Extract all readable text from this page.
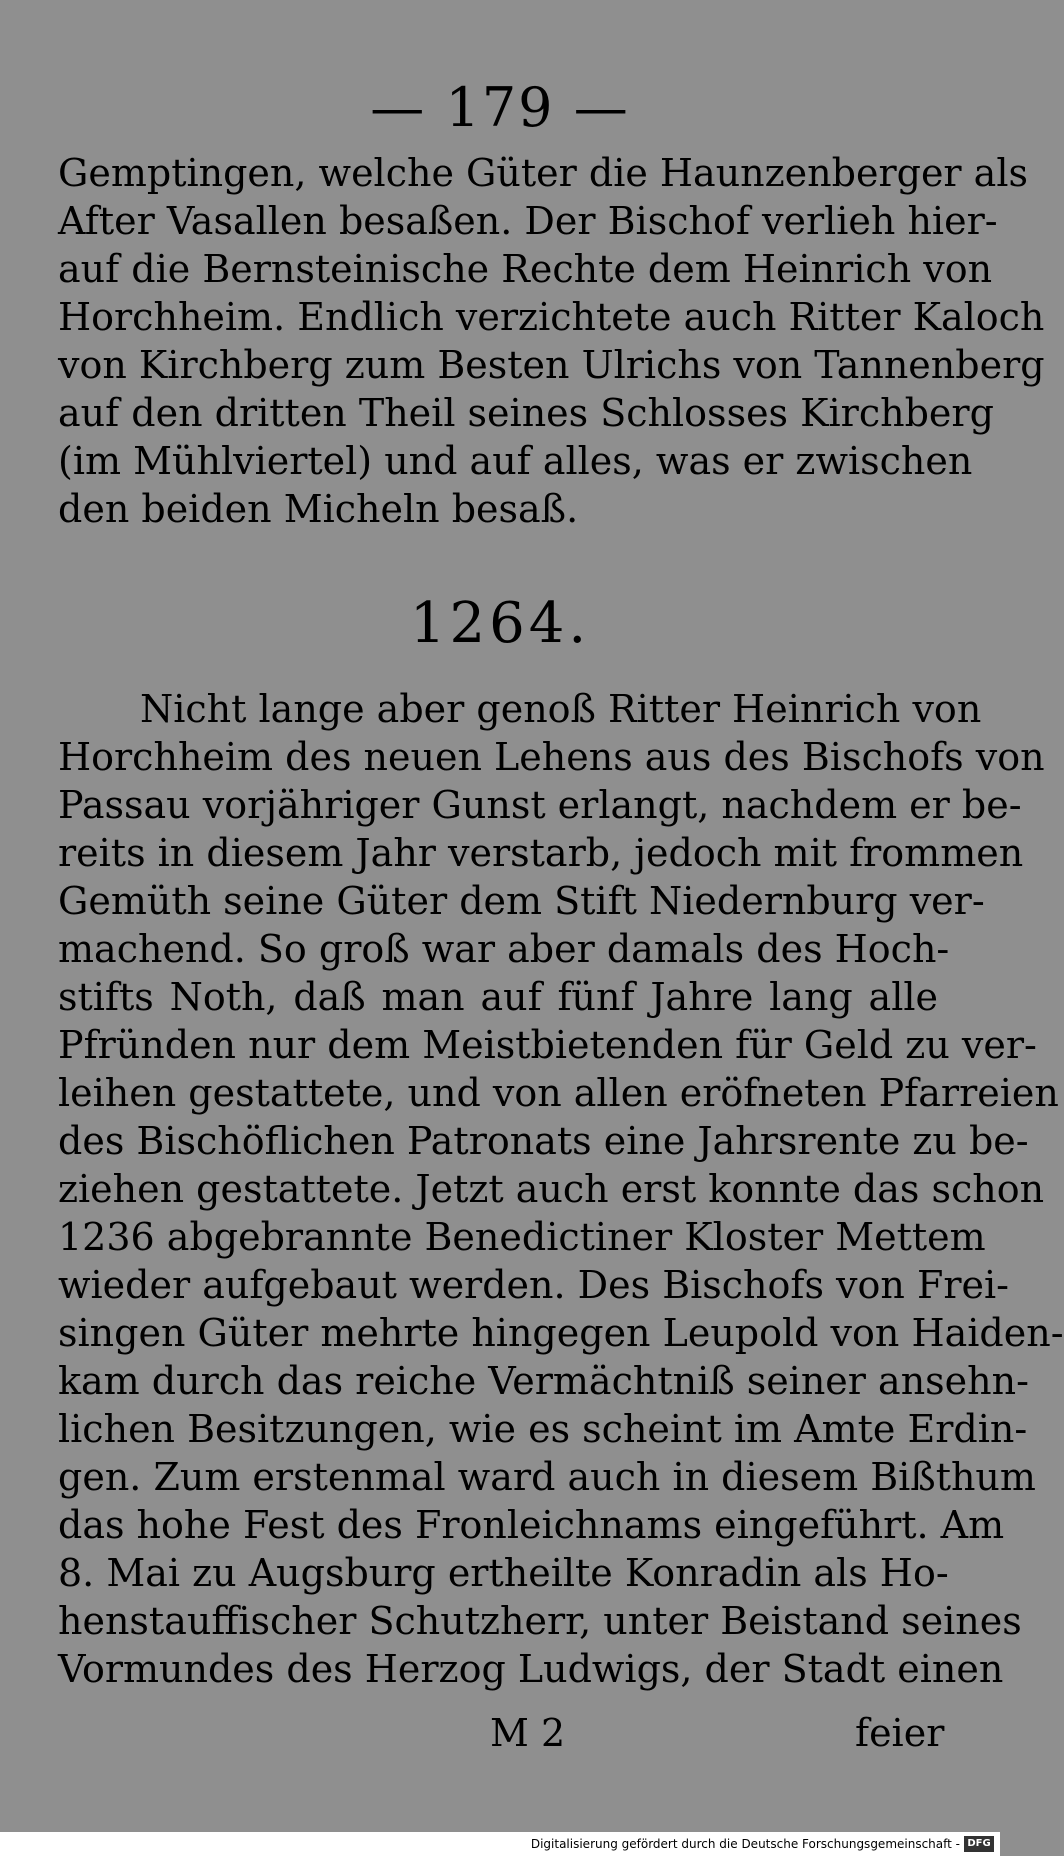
— 179 —
Gemptingen, welche Güter die Haunzenberger als
After Vasallen besaßen. Der Bischof verlieh hier-
auf die Bernsteinische Rechte dem Heinrich von
Horchheim. Endlich verzichtete auch Ritter Kaloch
von Kirchberg zum Besten Ulrichs von Tannenberg
auf den dritten Theil seines Schlosses Kirchberg
(im Mühlviertel) und auf alles, was er zwischen
den beiden Micheln besaß.
1264.
Nicht lange aber genoß Ritter Heinrich von
Horchheim des neuen Lehens aus des Bischofs von
Passau vorjähriger Gunst erlangt, nachdem er be-
reits in diesem Jahr verstarb, jedoch mit frommen
Gemüth seine Güter dem Stift Niedernburg ver-
machend. So groß war aber damals des Hoch-
stifts Noth, daß man auf fünf Jahre lang alle
Pfründen nur dem Meistbietenden für Geld zu ver-
leihen gestattete, und von allen eröfneten Pfarreien
des Bischöflichen Patronats eine Jahrsrente zu be-
ziehen gestattete. Jetzt auch erst konnte das schon
1236 abgebrannte Benedictiner Kloster Mettem
wieder aufgebaut werden. Des Bischofs von Frei-
singen Güter mehrte hingegen Leupold von Haiden-
kam durch das reiche Vermächtniß seiner ansehn-
lichen Besitzungen, wie es scheint im Amte Erdin-
gen. Zum erstenmal ward auch in diesem Bißthum
das hohe Fest des Fronleichnams eingeführt. Am
8. Mai zu Augsburg ertheilte Konradin als Ho-
henstauffischer Schutzherr, unter Beistand seines
Vormundes des Herzog Ludwigs, der Stadt einen
M 2	feier
Digitalisierung gefördert durch die Deutsche Forschungsgemeinschaft - DFG
